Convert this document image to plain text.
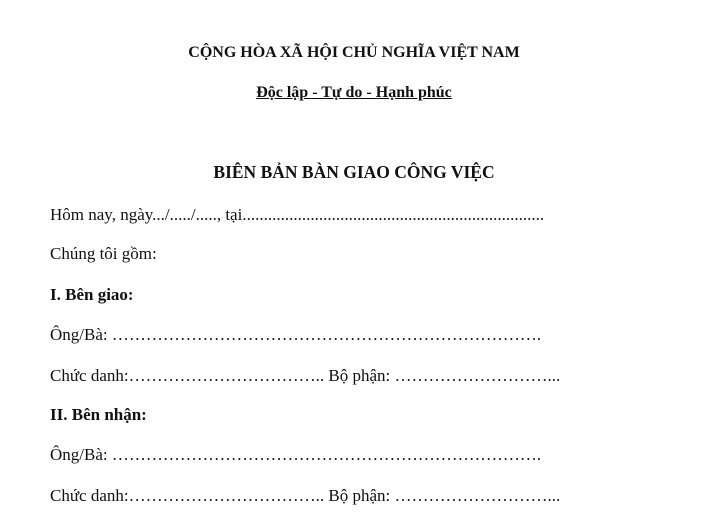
CỘNG HÒA XÃ HỘI CHỦ NGHĨA VIỆT NAM
Độc lập - Tự do - Hạnh phúc
BIÊN BẢN BÀN GIAO CÔNG VIỆC
Hôm nay, ngày.../...../....., tại.......................................................................
Chúng tôi gồm:
I. Bên giao:
Ông/Bà: ………………………………………………………………….
Chức danh:…………………………….. Bộ phận: ………………………...
II. Bên nhận:
Ông/Bà: ………………………………………………………………….
Chức danh:…………………………….. Bộ phận: ………………………...
